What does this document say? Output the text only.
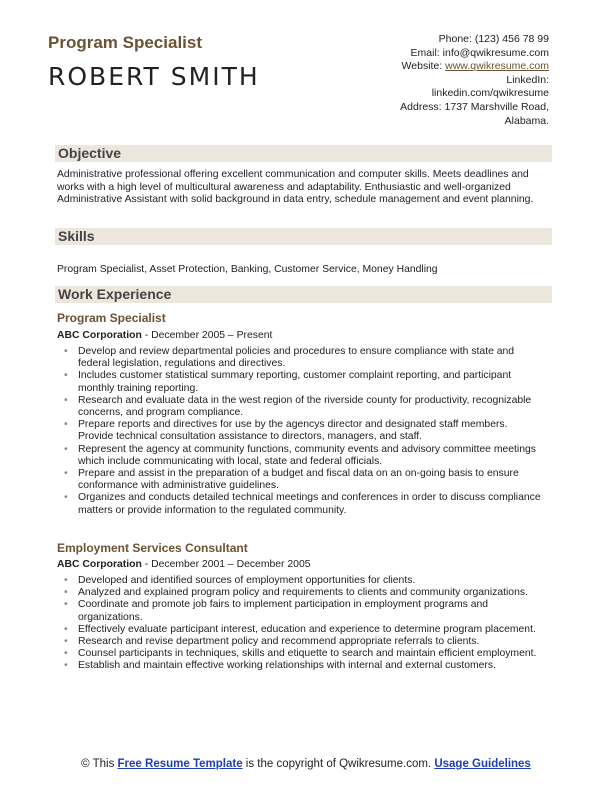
Program Specialist
ROBERT SMITH
Phone: (123) 456 78 99
Email: info@qwikresume.com
Website: www.qwikresume.com
LinkedIn:
linkedin.com/qwikresume
Address: 1737 Marshville Road,
Alabama.
Objective
Administrative professional offering excellent communication and computer skills. Meets deadlines and works with a high level of multicultural awareness and adaptability. Enthusiastic and well-organized Administrative Assistant with solid background in data entry, schedule management and event planning.
Skills
Program Specialist, Asset Protection, Banking, Customer Service, Money Handling
Work Experience
Program Specialist
ABC Corporation - December 2005 – Present
• Develop and review departmental policies and procedures to ensure compliance with state and federal legislation, regulations and directives.
• Includes customer statistical summary reporting, customer complaint reporting, and participant monthly training reporting.
• Research and evaluate data in the west region of the riverside county for productivity, recognizable concerns, and program compliance.
• Prepare reports and directives for use by the agencys director and designated staff members. Provide technical consultation assistance to directors, managers, and staff.
• Represent the agency at community functions, community events and advisory committee meetings which include communicating with local, state and federal officials.
• Prepare and assist in the preparation of a budget and fiscal data on an on-going basis to ensure conformance with administrative guidelines.
• Organizes and conducts detailed technical meetings and conferences in order to discuss compliance matters or provide information to the regulated community.
Employment Services Consultant
ABC Corporation - December 2001 – December 2005
• Developed and identified sources of employment opportunities for clients.
• Analyzed and explained program policy and requirements to clients and community organizations.
• Coordinate and promote job fairs to implement participation in employment programs and organizations.
• Effectively evaluate participant interest, education and experience to determine program placement.
• Research and revise department policy and recommend appropriate referrals to clients.
• Counsel participants in techniques, skills and etiquette to search and maintain efficient employment.
• Establish and maintain effective working relationships with internal and external customers.
© This Free Resume Template is the copyright of Qwikresume.com. Usage Guidelines
